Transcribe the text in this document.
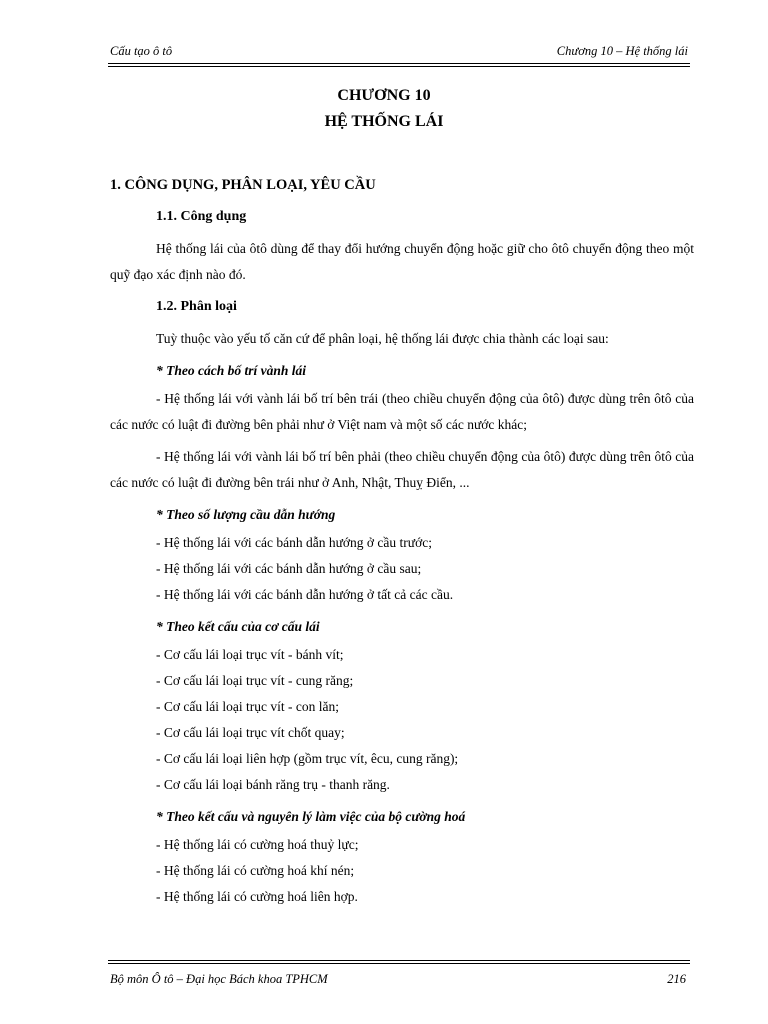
Cấu tạo ô tô	Chương 10 – Hệ thống lái
CHƯƠNG 10
HỆ THỐNG LÁI
1. CÔNG DỤNG, PHÂN LOẠI, YÊU CẦU
1.1. Công dụng
Hệ thống lái của ôtô dùng để thay đổi hướng chuyển động hoặc giữ cho ôtô chuyển động theo một quỹ đạo xác định nào đó.
1.2. Phân loại
Tuỳ thuộc vào yếu tố căn cứ để phân loại, hệ thống lái được chia thành các loại sau:
* Theo cách bố trí vành lái
- Hệ thống lái với vành lái bố trí bên trái (theo chiều chuyển động của ôtô) được dùng trên ôtô của các nước có luật đi đường bên phải như ở Việt nam và một số các nước khác;
- Hệ thống lái với vành lái bố trí bên phải (theo chiều chuyển động của ôtô) được dùng trên ôtô của các nước có luật đi đường bên trái như ở Anh, Nhật, Thuỵ Điển, ...
* Theo số lượng cầu dẫn hướng
- Hệ thống lái với các bánh dẫn hướng ở cầu trước;
- Hệ thống lái với các bánh dẫn hướng ở cầu sau;
- Hệ thống lái với các bánh dẫn hướng ở tất cả các cầu.
* Theo kết cấu của cơ cấu lái
- Cơ cấu lái loại trục vít - bánh vít;
- Cơ cấu lái loại trục vít - cung răng;
- Cơ cấu lái loại trục vít - con lăn;
- Cơ cấu lái loại trục vít chốt quay;
- Cơ cấu lái loại liên hợp (gồm trục vít, êcu, cung răng);
- Cơ cấu lái loại bánh răng trụ - thanh răng.
* Theo kết cấu và nguyên lý làm việc của bộ cường hoá
- Hệ thống lái có cường hoá thuỷ lực;
- Hệ thống lái có cường hoá khí nén;
- Hệ thống lái có cường hoá liên hợp.
Bộ môn Ô tô – Đại học Bách khoa TPHCM	216
